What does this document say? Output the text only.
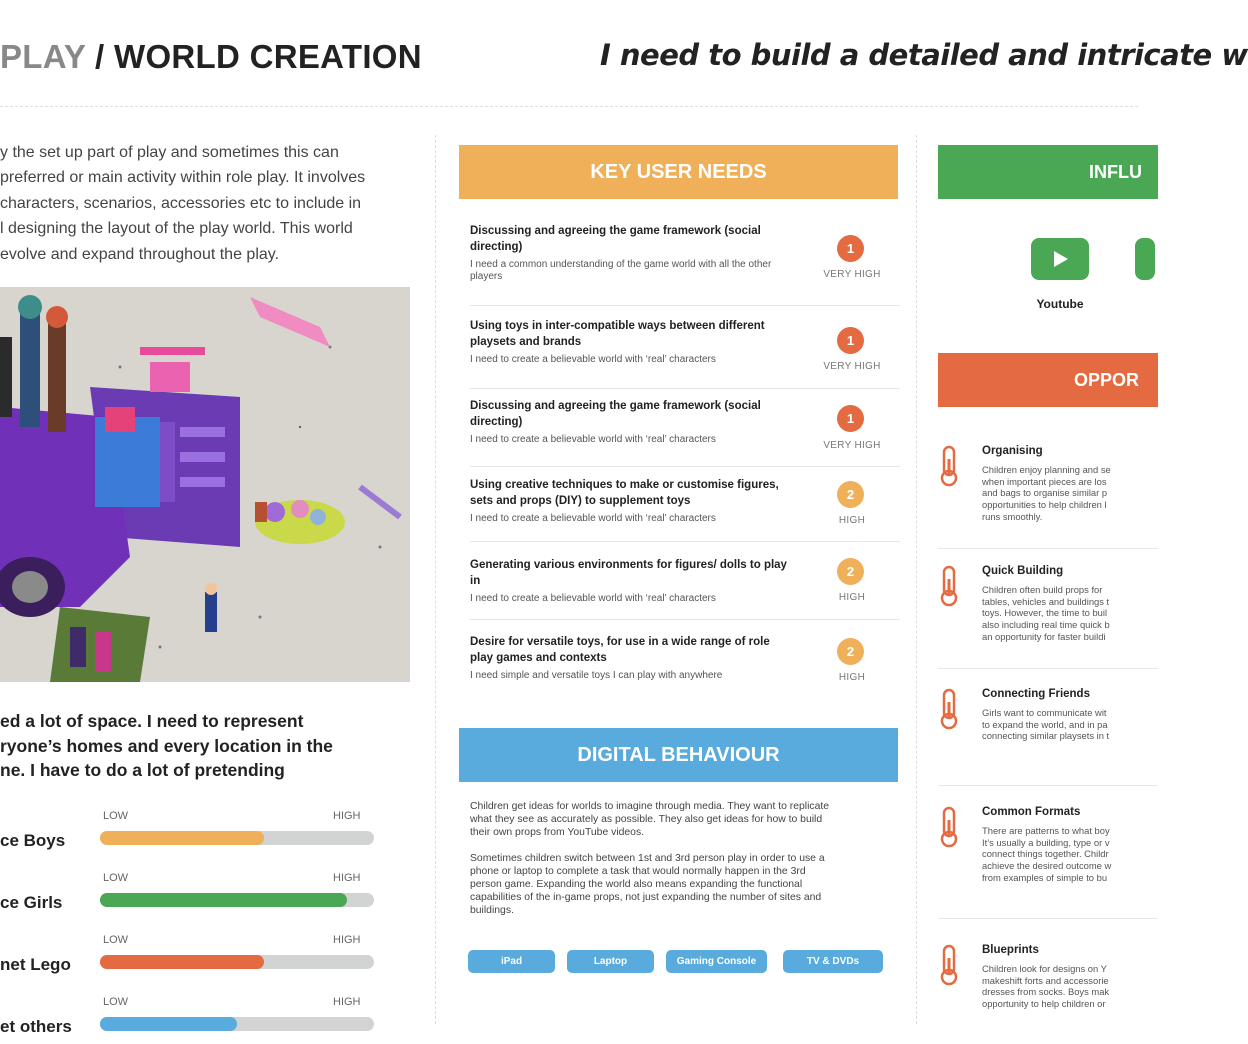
PLAY / WORLD CREATION	I need to build a detailed and intricate w
y the set up part of play and sometimes this can
preferred or main activity within role play. It involves
characters, scenarios, accessories etc to include in
l designing the layout of the play world. This world
evolve and expand throughout the play.
ed a lot of space. I need to represent
ryone’s homes and every location in the
ne. I have to do a lot of pretending
ce Boys
LOW	HIGH
ce Girls
LOW	HIGH
net Lego
LOW	HIGH
et others
LOW	HIGH
KEY USER NEEDS
Discussing and agreeing the game framework (social directing)
I need a common understanding of the game world with all the other players
1
VERY HIGH
Using toys in inter-compatible ways between different playsets and brands
I need to create a believable world with ‘real’ characters
1
VERY HIGH
Discussing and agreeing the game framework (social directing)
I need to create a believable world with ‘real’ characters
1
VERY HIGH
Using creative techniques to make or customise figures, sets and props (DIY) to supplement toys
I need to create a believable world with ‘real’ characters
2
HIGH
Generating various environments for figures/ dolls to play in
I need to create a believable world with ‘real’ characters
2
HIGH
Desire for versatile toys, for use in a wide range of role play games and contexts
I need simple and versatile toys I can play with anywhere
2
HIGH
DIGITAL BEHAVIOUR
Children get ideas for worlds to imagine through media. They want to replicate
what they see as accurately as possible. They also get ideas for how to build
their own props from YouTube videos.
Sometimes children switch between 1st and 3rd person play in order to use a
phone or laptop to complete a task that would normally happen in the 3rd
person game. Expanding the world also means expanding the functional
capabilities of the in-game props, not just expanding the number of sites and
buildings.
iPad	Laptop	Gaming Console	TV & DVDs
INFLU
Youtube
OPPOR
Organising
Children enjoy planning and se
when important pieces are los
and bags to organise similar p
opportunities to help children l
runs smoothly.
Quick Building
Children often build props for
tables, vehicles and buildings t
toys. However, the time to buil
also including real time quick b
an opportunity for faster buildi
Connecting Friends
Girls want to communicate wit
to expand the world, and in pa
connecting similar playsets in t
Common Formats
There are patterns to what boy
It’s usually a building, type or v
connect things together. Childr
achieve the desired outcome w
from examples of simple to bu
Blueprints
Children look for designs on Y
makeshift forts and accessorie
dresses from socks. Boys mak
opportunity to help children or
